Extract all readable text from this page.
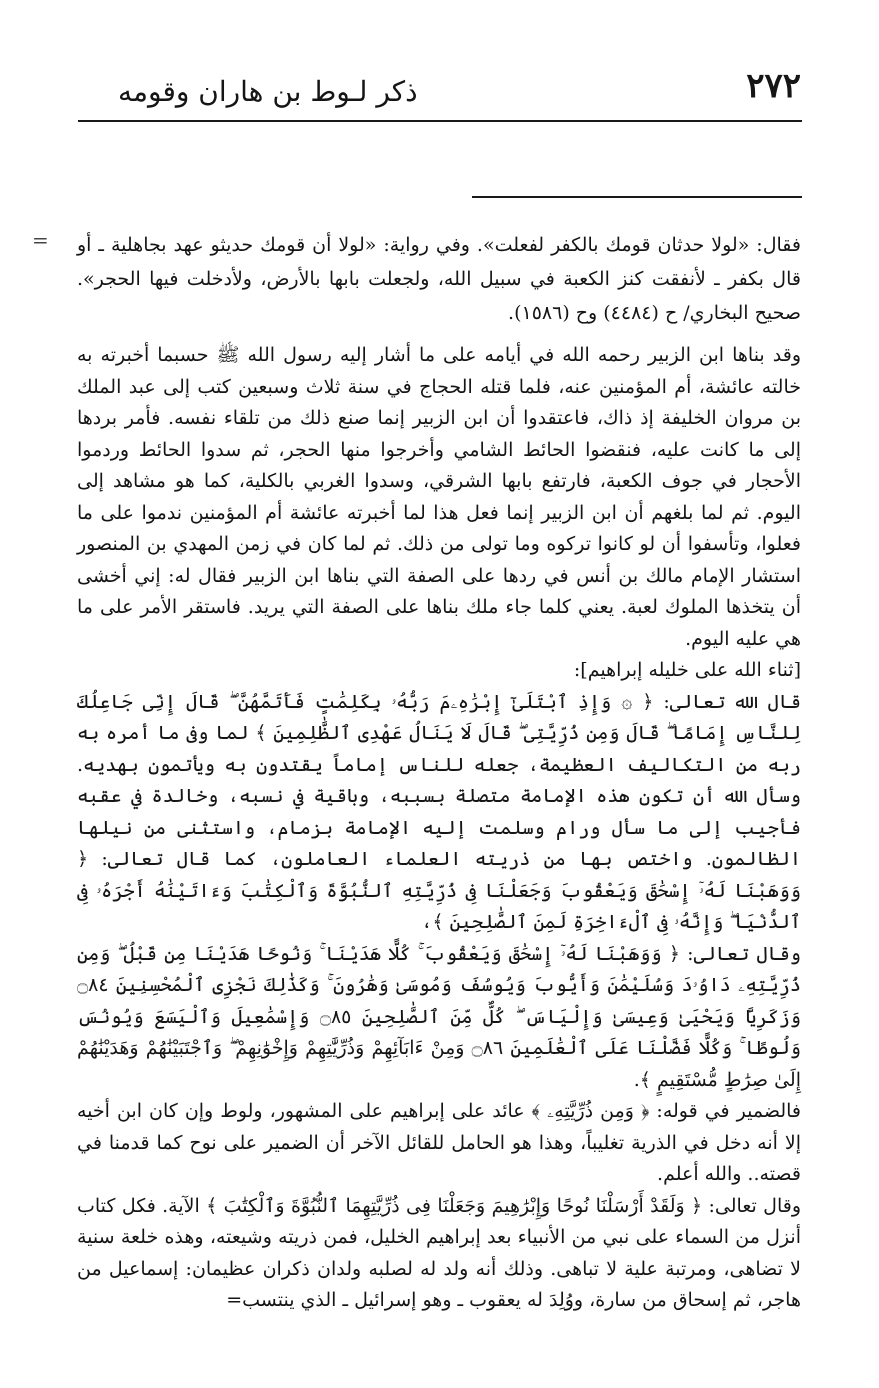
٢٧٢
ذكر لـوط بن هاران وقومه
= فقال: «لولا حدثان قومك بالكفر لفعلت». وفي رواية: «لولا أن قومك حديثو عهد بجاهلية ـ أو قال بكفر ـ لأنفقت كنز الكعبة في سبيل الله، ولجعلت بابها بالأرض، ولأدخلت فيها الحجر». صحيح البخاري/ ح (٤٤٨٤) وح (١٥٨٦).

وقد بناها ابن الزبير رحمه الله في أيامه على ما أشار إليه رسول الله ﷺ حسبما أخبرته به خالته عائشة، أم المؤمنين عنه، فلما قتله الحجاج في سنة ثلاث وسبعين كتب إلى عبد الملك بن مروان الخليفة إذ ذاك، فاعتقدوا أن ابن الزبير إنما صنع ذلك من تلقاء نفسه. فأمر بردها إلى ما كانت عليه، فنقضوا الحائط الشامي وأخرجوا منها الحجر، ثم سدوا الحائط وردموا الأحجار في جوف الكعبة، فارتفع بابها الشرقي، وسدوا الغربي بالكلية، كما هو مشاهد إلى اليوم. ثم لما بلغهم أن ابن الزبير إنما فعل هذا لما أخبرته عائشة أم المؤمنين ندموا على ما فعلوا، وتأسفوا أن لو كانوا تركوه وما تولى من ذلك. ثم لما كان في زمن المهدي بن المنصور استشار الإمام مالك بن أنس في ردها على الصفة التي بناها ابن الزبير فقال له: إني أخشى أن يتخذها الملوك لعبة. يعني كلما جاء ملك بناها على الصفة التي يريد. فاستقر الأمر على ما هي عليه اليوم.

[ثناء الله على خليله إبراهيم]:

قال الله تعالى: ﴿ ۞ وَإِذِ ٱبْتَلَىٰٓ إِبْرَٰهِۦمَ رَبُّهُۥ بِكَلِمَٰتٍ فَأَتَمَّهُنَّ ۖ قَالَ إِنِّى جَاعِلُكَ لِلنَّاسِ إِمَامًا ۖ قَالَ وَمِن ذُرِّيَّتِى ۖ قَالَ لَا يَنَالُ عَهْدِى ٱلظَّٰلِمِينَ ﴾ لما وفى ما أمره به ربه من التكاليف العظيمة، جعله للناس إماماً يقتدون به ويأتمون بهديه. وسأل الله أن تكون هذه الإمامة متصلة بسببه، وباقية في نسبه، وخالدة في عقبه فأجيب إلى ما سأل ورام وسلمت إليه الإمامة بزمام، واستثنى من نيلها الظالمون. واختص بها من ذريته العلماء العاملون، كما قال تعالى: ﴿ وَوَهَبْنَا لَهُۥٓ إِسْحَٰقَ وَيَعْقُوبَ وَجَعَلْنَا فِى ذُرِّيَّتِهِ ٱلنُّبُوَّةَ وَٱلْكِتَٰبَ وَءَاتَيْنَٰهُ أَجْرَهُۥ فِى ٱلدُّنْيَا ۖ وَإِنَّهُۥ فِى ٱلْءَاخِرَةِ لَمِنَ ٱلصَّٰلِحِينَ ﴾،

وقال تعالى: ﴿ وَوَهَبْنَا لَهُۥٓ إِسْحَٰقَ وَيَعْقُوبَ ۚ كُلًّا هَدَيْنَا ۚ وَنُوحًا هَدَيْنَا مِن قَبْلُ ۖ وَمِن ذُرِّيَّتِهِۦ دَاوُۥدَ وَسُلَيْمَٰنَ وَأَيُّوبَ وَيُوسُفَ وَمُوسَىٰ وَهَٰرُونَ ۚ وَكَذَٰلِكَ نَجْزِى ٱلْمُحْسِنِينَ ۝٨٤ وَزَكَرِيَّا وَيَحْيَىٰ وَعِيسَىٰ وَإِلْيَاسَ ۖ كُلٌّ مِّنَ ٱلصَّٰلِحِينَ ۝٨٥ وَإِسْمَٰعِيلَ وَٱلْيَسَعَ وَيُونُسَ وَلُوطًا ۚ وَكُلًّا فَضَّلْنَا عَلَى ٱلْعَٰلَمِينَ ۝٨٦ وَمِنْ ءَابَآئِهِمْ وَذُرِّيَّٰتِهِمْ وَإِخْوَٰنِهِمْ ۖ وَٱجْتَبَيْنَٰهُمْ وَهَدَيْنَٰهُمْ إِلَىٰ صِرَٰطٍ مُّسْتَقِيمٍ ﴾.

فالضمير في قوله: ﴿ وَمِن ذُرِّيَّتِهِۦ ﴾ عائد على إبراهيم على المشهور، ولوط وإن كان ابن أخيه إلا أنه دخل في الذرية تغليباً، وهذا هو الحامل للقائل الآخر أن الضمير على نوح كما قدمنا في قصته.. والله أعلم.

وقال تعالى: ﴿ وَلَقَدْ أَرْسَلْنَا نُوحًا وَإِبْرَٰهِيمَ وَجَعَلْنَا فِى ذُرِّيَّتِهِمَا ٱلنُّبُوَّةَ وَٱلْكِتَٰبَ ﴾ الآية. فكل كتاب أنزل من السماء على نبي من الأنبياء بعد إبراهيم الخليل، فمن ذريته وشيعته، وهذه خلعة سنية لا تضاهى، ومرتبة علية لا تباهى. وذلك أنه ولد له لصلبه ولدان ذكران عظيمان: إسماعيل من هاجر، ثم إسحاق من سارة، ووُلِدَ له يعقوب ـ وهو إسرائيل ـ الذي ينتسب=
